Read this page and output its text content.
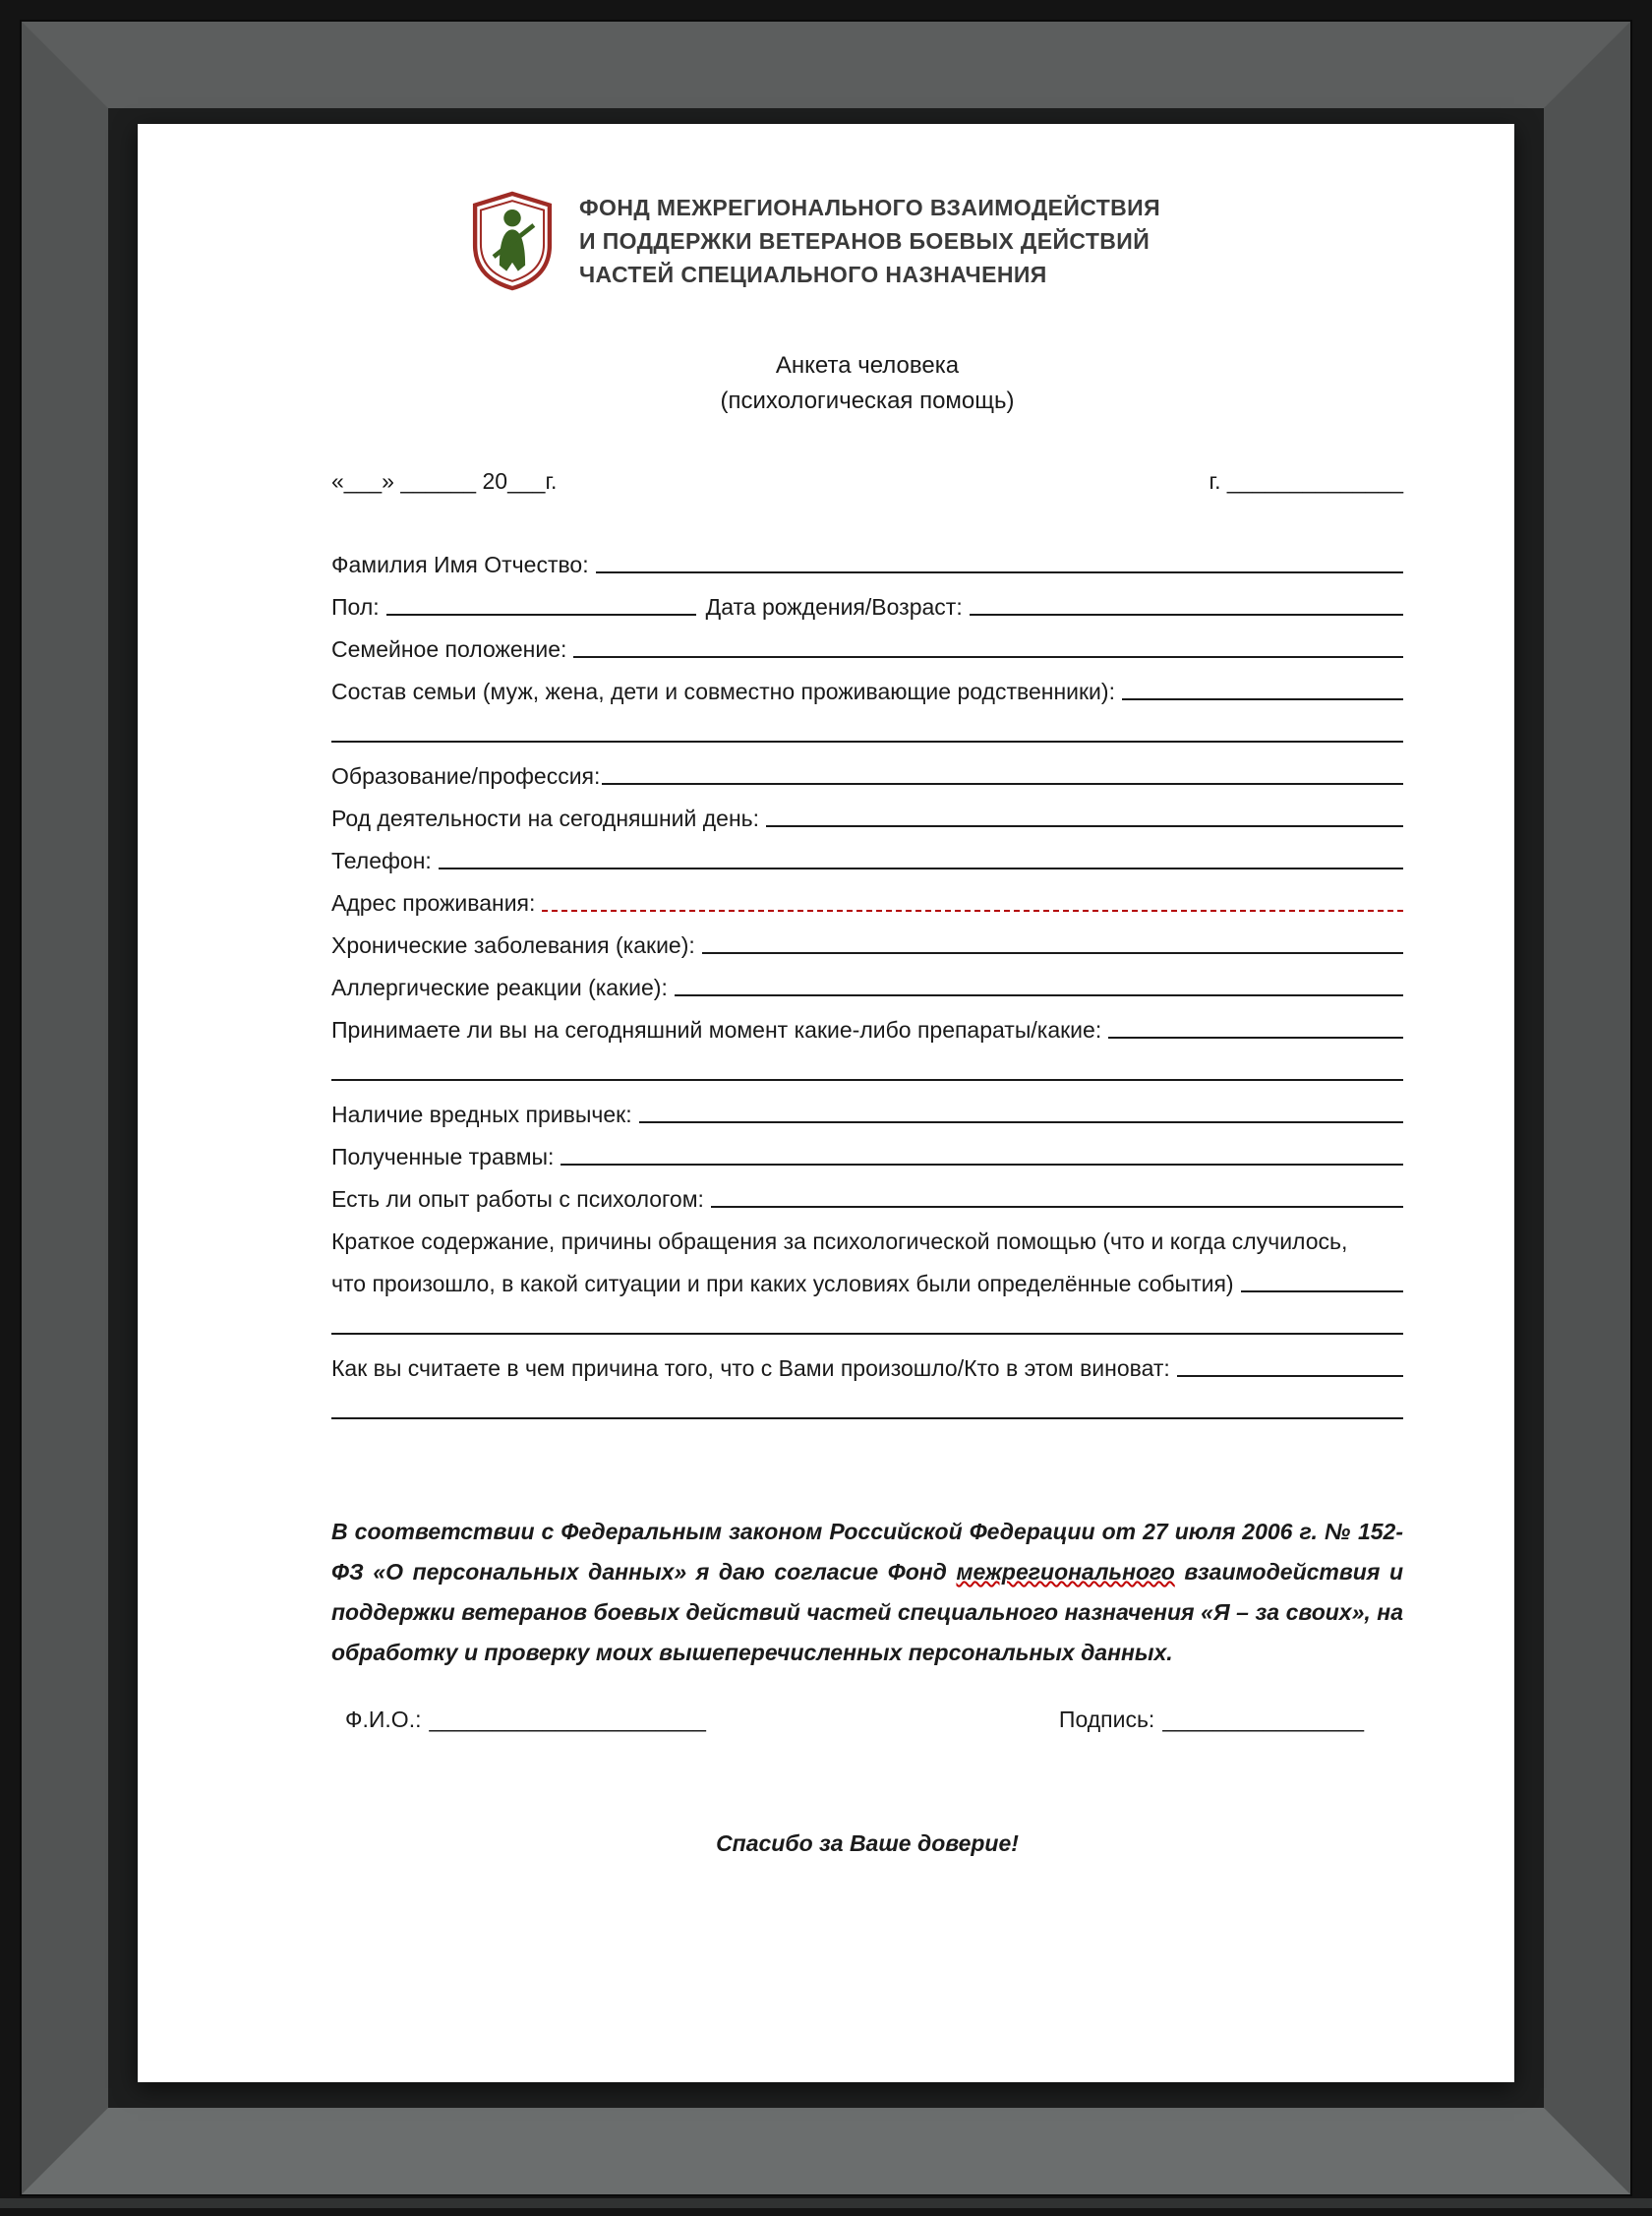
ФОНД МЕЖРЕГИОНАЛЬНОГО ВЗАИМОДЕЙСТВИЯ
И ПОДДЕРЖКИ ВЕТЕРАНОВ БОЕВЫХ ДЕЙСТВИЙ
ЧАСТЕЙ СПЕЦИАЛЬНОГО НАЗНАЧЕНИЯ
Анкета человека
(психологическая помощь)
«___» ______ 20___г.	г. ______________
Фамилия Имя Отчество:
Пол:	Дата рождения/Возраст:
Семейное положение:
Состав семьи (муж, жена, дети и совместно проживающие родственники):
Образование/профессия:
Род деятельности на сегодняшний день:
Телефон:
Адрес проживания:
Хронические заболевания (какие):
Аллергические реакции (какие):
Принимаете ли вы на сегодняшний момент какие-либо препараты/какие:
Наличие вредных привычек:
Полученные травмы:
Есть ли опыт работы с психологом:
Краткое содержание, причины обращения за психологической помощью (что и когда случилось,
что произошло, в какой ситуации и при каких условиях были определённые события)
Как вы считаете в чем причина того, что с Вами произошло/Кто в этом виноват:

В соответствии с Федеральным законом Российской Федерации от 27 июля 2006 г. № 152-ФЗ «О персональных данных» я даю согласие Фонд межрегионального взаимодействия и поддержки ветеранов боевых действий частей специального назначения «Я – за своих», на обработку и проверку моих вышеперечисленных персональных данных.

Ф.И.О.: ______________________	Подпись: ________________
Спасибо за Ваше доверие!
